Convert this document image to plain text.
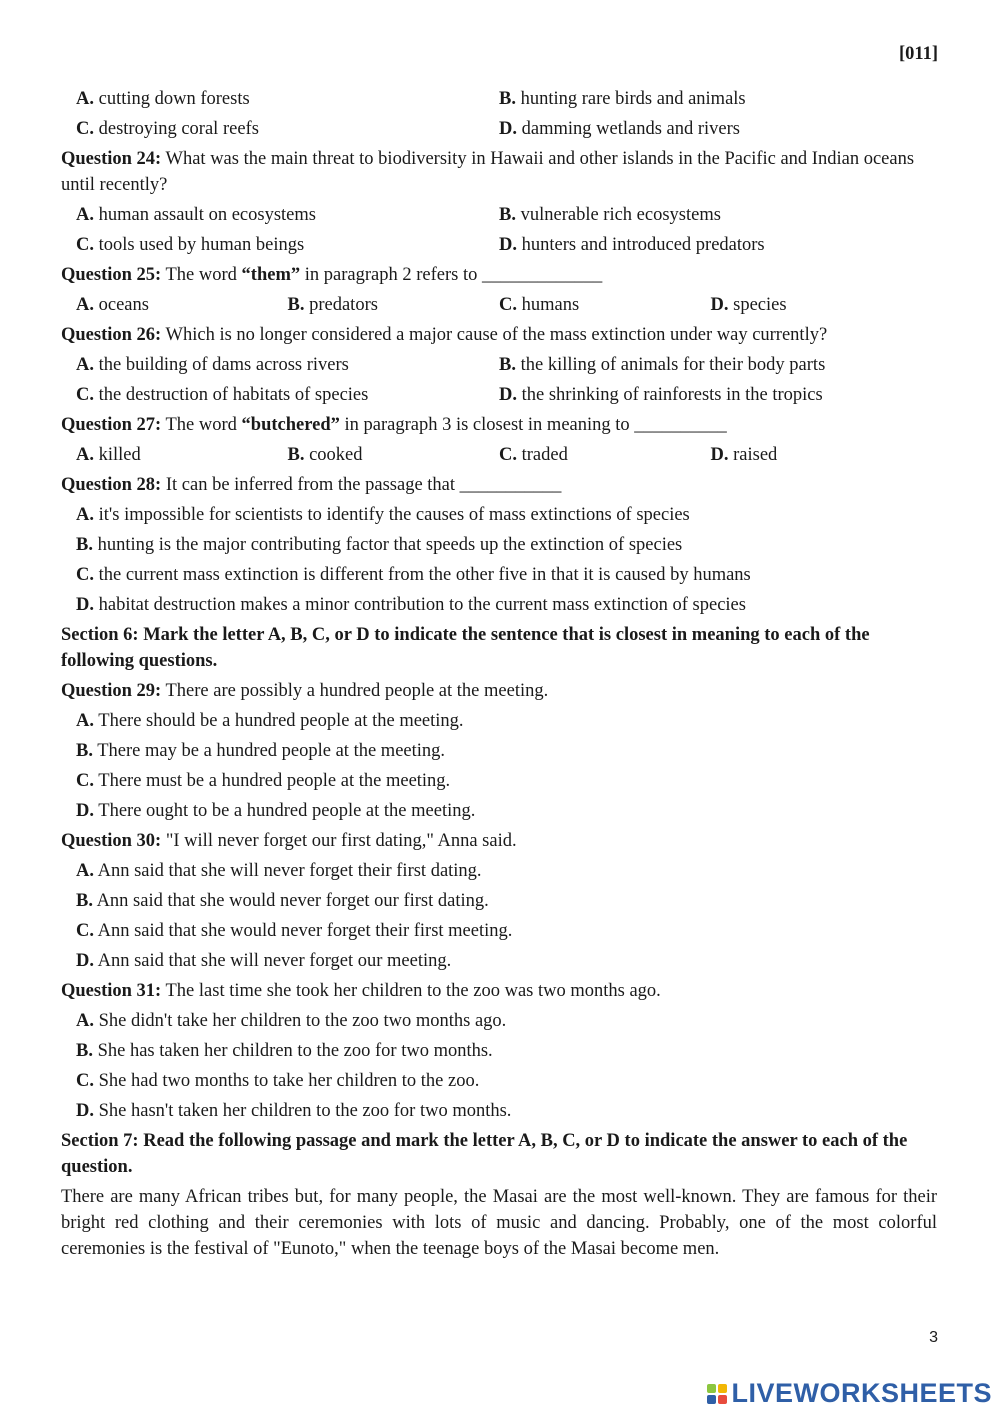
[011]
A. cutting down forests	B. hunting rare birds and animals
C. destroying coral reefs	D. damming wetlands and rivers
Question 24: What was the main threat to biodiversity in Hawaii and other islands in the Pacific and Indian oceans until recently?
A. human assault on ecosystems	B. vulnerable rich ecosystems
C. tools used by human beings	D. hunters and introduced predators
Question 25: The word “them” in paragraph 2 refers to _____________
A. oceans	B. predators	C. humans	D. species
Question 26: Which is no longer considered a major cause of the mass extinction under way currently?
A. the building of dams across rivers	B. the killing of animals for their body parts
C. the destruction of habitats of species	D. the shrinking of rainforests in the tropics
Question 27: The word “butchered” in paragraph 3 is closest in meaning to __________
A. killed	B. cooked	C. traded	D. raised
Question 28: It can be inferred from the passage that ___________
A. it's impossible for scientists to identify the causes of mass extinctions of species
B. hunting is the major contributing factor that speeds up the extinction of species
C. the current mass extinction is different from the other five in that it is caused by humans
D. habitat destruction makes a minor contribution to the current mass extinction of species
Section 6: Mark the letter A, B, C, or D to indicate the sentence that is closest in meaning to each of the following questions.
Question 29: There are possibly a hundred people at the meeting.
A. There should be a hundred people at the meeting.
B. There may be a hundred people at the meeting.
C. There must be a hundred people at the meeting.
D. There ought to be a hundred people at the meeting.
Question 30: "I will never forget our first dating," Anna said.
A. Ann said that she will never forget their first dating.
B. Ann said that she would never forget our first dating.
C. Ann said that she would never forget their first meeting.
D. Ann said that she will never forget our meeting.
Question 31: The last time she took her children to the zoo was two months ago.
A. She didn't take her children to the zoo two months ago.
B. She has taken her children to the zoo for two months.
C. She had two months to take her children to the zoo.
D. She hasn't taken her children to the zoo for two months.
Section 7: Read the following passage and mark the letter A, B, C, or D to indicate the answer to each of the question.
There are many African tribes but, for many people, the Masai are the most well-known. They are famous for their bright red clothing and their ceremonies with lots of music and dancing. Probably, one of the most colorful ceremonies is the festival of "Eunoto," when the teenage boys of the Masai become men.
3
LIVEWORKSHEETS
